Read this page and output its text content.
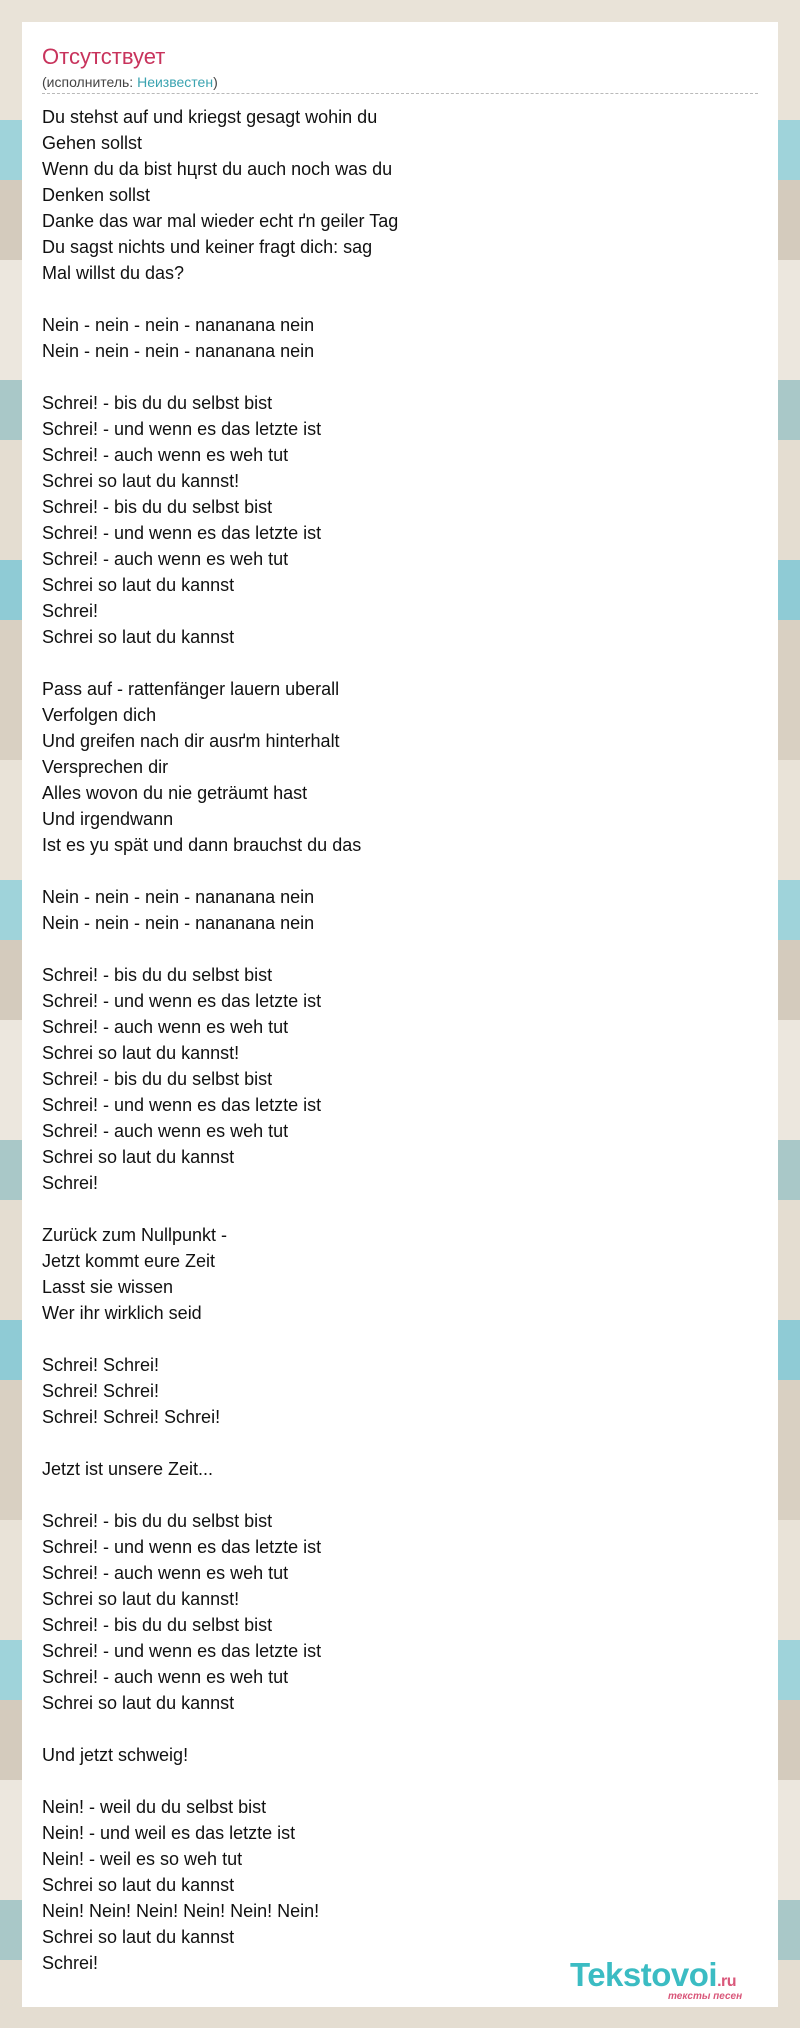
Отсутствует
(исполнитель: Неизвестен)
Du stehst auf und kriegst gesagt wohin du
Gehen sollst
Wenn du da bist hцrst du auch noch was du
Denken sollst
Danke das war mal wieder echt ґn geiler Tag
Du sagst nichts und keiner fragt dich: sag
Mal willst du das?

Nein - nein - nein - nananana nein
Nein - nein - nein - nananana nein

Schrei! - bis du du selbst bist
Schrei! - und wenn es das letzte ist
Schrei! - auch wenn es weh tut
Schrei so laut du kannst!
Schrei! - bis du du selbst bist
Schrei! - und wenn es das letzte ist
Schrei! - auch wenn es weh tut
Schrei so laut du kannst
Schrei!
Schrei so laut du kannst

Pass auf - rattenfänger lauern uberall
Verfolgen dich
Und greifen nach dir ausґm hinterhalt
Versprechen dir
Alles wovon du nie geträumt hast
Und irgendwann
Ist es yu spät und dann brauchst du das

Nein - nein - nein - nananana nein
Nein - nein - nein - nananana nein

Schrei! - bis du du selbst bist
Schrei! - und wenn es das letzte ist
Schrei! - auch wenn es weh tut
Schrei so laut du kannst!
Schrei! - bis du du selbst bist
Schrei! - und wenn es das letzte ist
Schrei! - auch wenn es weh tut
Schrei so laut du kannst
Schrei!

Zurück zum Nullpunkt -
Jetzt kommt eure Zeit
Lasst sie wissen
Wer ihr wirklich seid

Schrei! Schrei!
Schrei! Schrei!
Schrei! Schrei! Schrei!

Jetzt ist unsere Zeit...

Schrei! - bis du du selbst bist
Schrei! - und wenn es das letzte ist
Schrei! - auch wenn es weh tut
Schrei so laut du kannst!
Schrei! - bis du du selbst bist
Schrei! - und wenn es das letzte ist
Schrei! - auch wenn es weh tut
Schrei so laut du kannst

Und jetzt schweig!

Nein! - weil du du selbst bist
Nein! - und weil es das letzte ist
Nein! - weil es so weh tut
Schrei so laut du kannst
Nein! Nein! Nein! Nein! Nein! Nein!
Schrei so laut du kannst
Schrei!	Tekstovoi.ru
тексты песен
